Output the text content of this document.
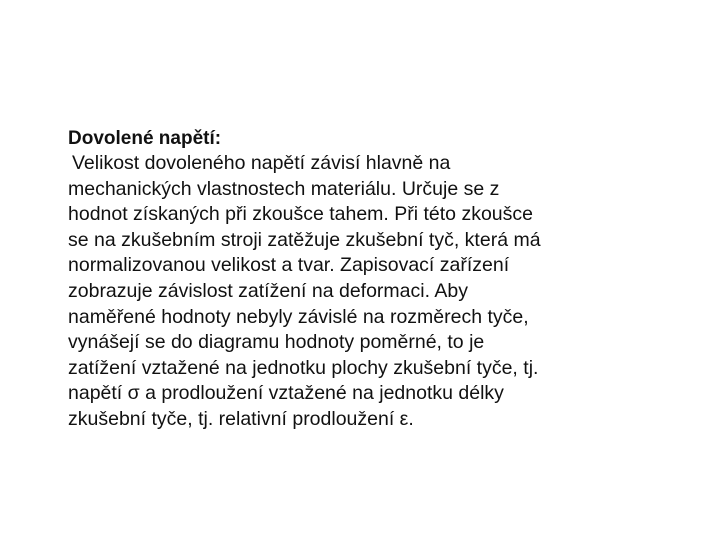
Dovolené napětí:
Velikost dovoleného napětí závisí hlavně na
mechanických vlastnostech materiálu. Určuje se z
hodnot získaných při zkoušce tahem. Při této zkoušce
se na zkušebním stroji zatěžuje zkušební tyč, která má
normalizovanou velikost a tvar. Zapisovací zařízení
zobrazuje závislost zatížení na deformaci. Aby
naměřené hodnoty nebyly závislé na rozměrech tyče,
vynášejí se do diagramu hodnoty poměrné, to je
zatížení vztažené na jednotku plochy zkušební tyče, tj.
napětí σ a prodloužení vztažené na jednotku délky
zkušební tyče, tj. relativní prodloužení ε.
